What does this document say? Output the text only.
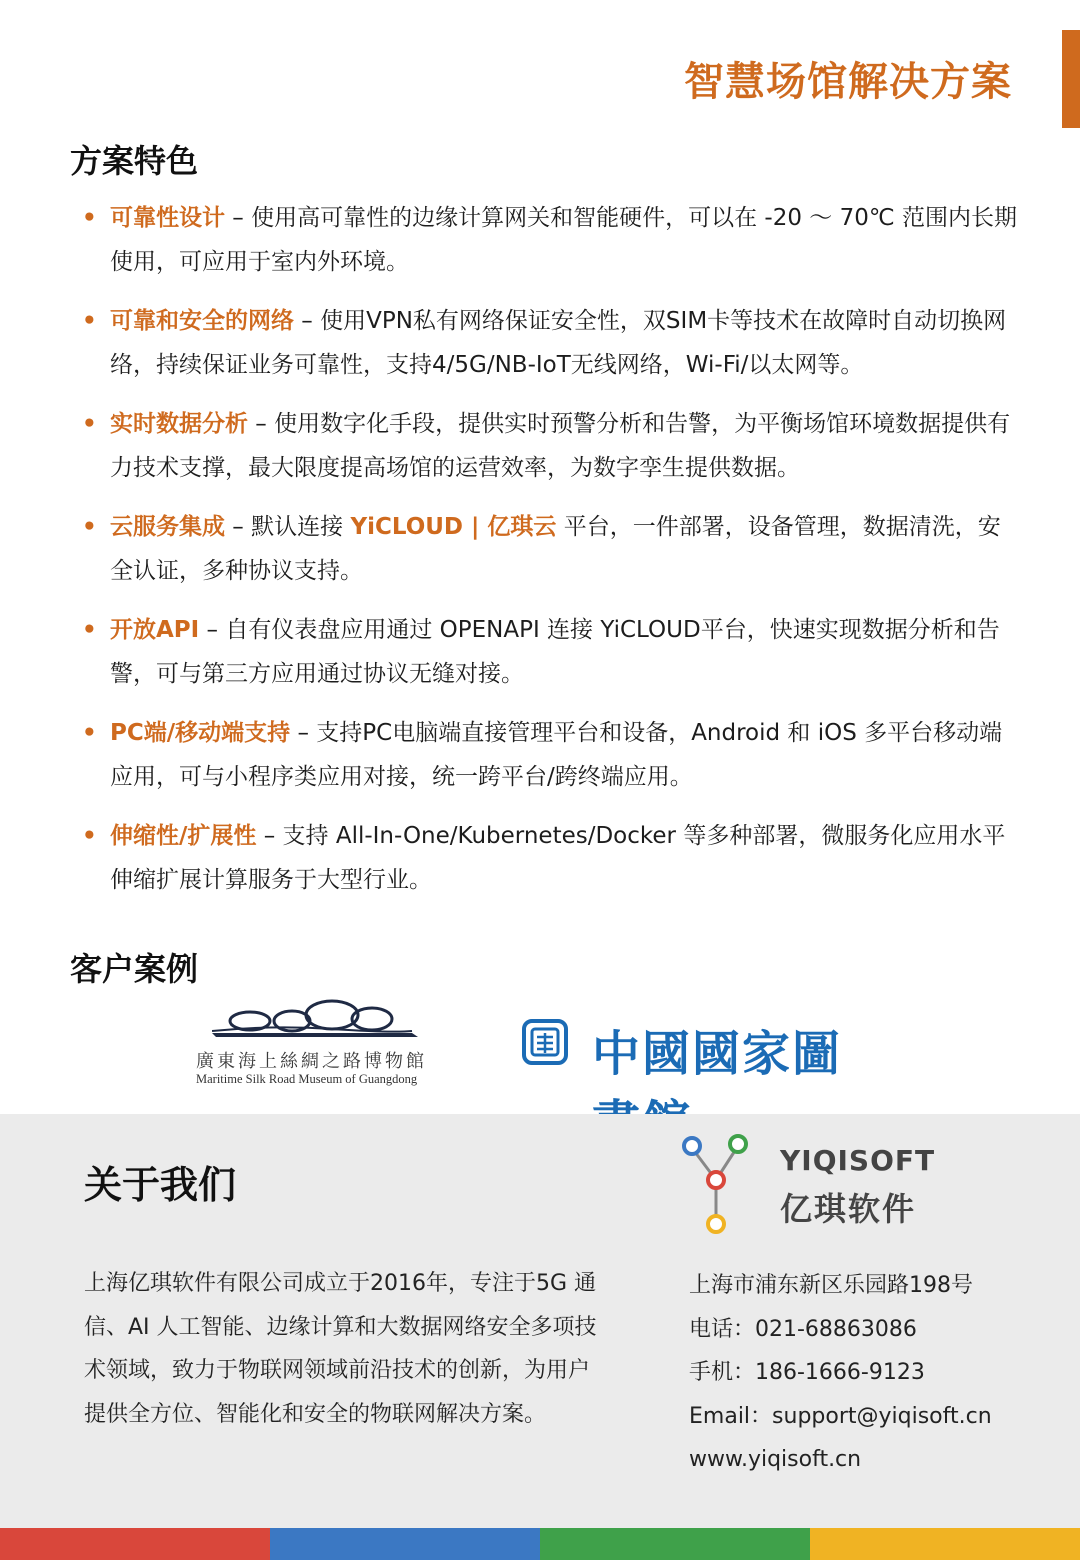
智慧场馆解决方案
方案特色
• 可靠性设计 – 使用高可靠性的边缘计算网关和智能硬件，可以在 -20 ～ 70℃ 范围内长期使用，可应用于室内外环境。
• 可靠和安全的网络 – 使用VPN私有网络保证安全性，双SIM卡等技术在故障时自动切换网络，持续保证业务可靠性，支持4/5G/NB-IoT无线网络，Wi-Fi/以太网等。
• 实时数据分析 – 使用数字化手段，提供实时预警分析和告警，为平衡场馆环境数据提供有力技术支撑，最大限度提高场馆的运营效率，为数字孪生提供数据。
• 云服务集成 – 默认连接 YiCLOUD | 亿琪云 平台，一件部署，设备管理，数据清洗，安全认证，多种协议支持。
• 开放API – 自有仪表盘应用通过 OPENAPI 连接 YiCLOUD平台，快速实现数据分析和告警，可与第三方应用通过协议无缝对接。
• PC端/移动端支持 – 支持PC电脑端直接管理平台和设备，Android 和 iOS 多平台移动端应用，可与小程序类应用对接，统一跨平台/跨终端应用。
• 伸缩性/扩展性 – 支持 All-In-One/Kubernetes/Docker 等多种部署，微服务化应用水平伸缩扩展计算服务于大型行业。
客户案例
廣東海上絲綢之路博物館
Maritime Silk Road Museum of Guangdong	中國國家圖
关于我们
上海亿琪软件有限公司成立于2016年，专注于5G 通信、AI 人工智能、边缘计算和大数据网络安全多项技术领域，致力于物联网领域前沿技术的创新，为用户提供全方位、智能化和安全的物联网解决方案。
YIQISOFT
亿琪软件
上海市浦东新区乐园路198号
电话：021-68863086
手机：186-1666-9123
Email：support@yiqisoft.cn
www.yiqisoft.cn
